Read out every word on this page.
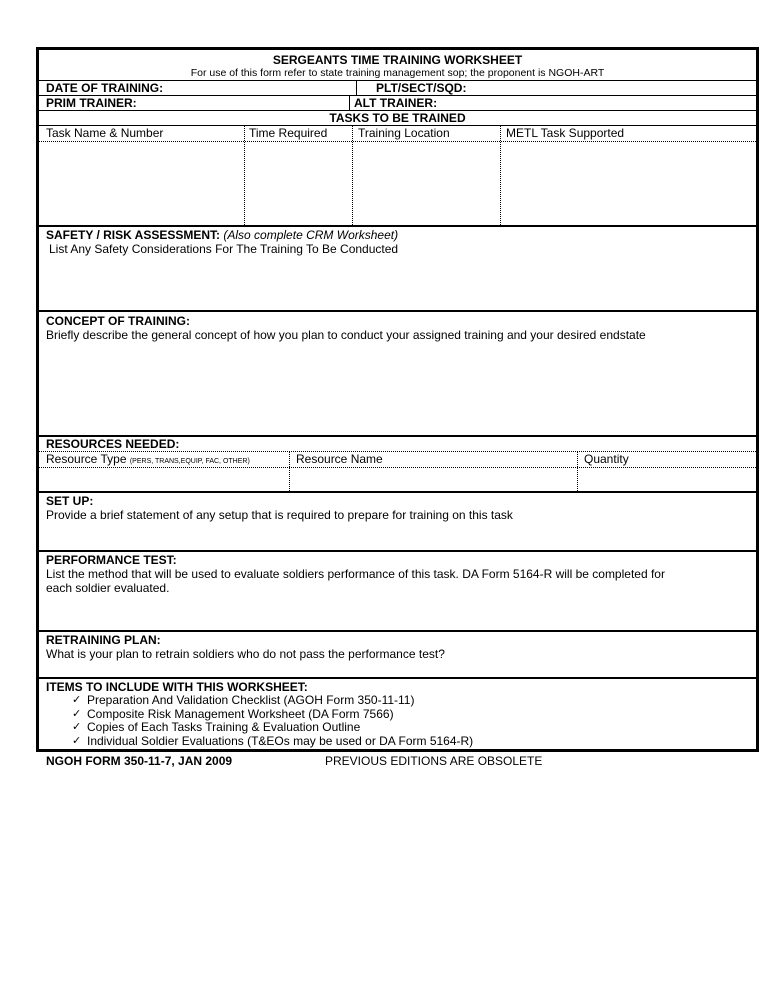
SERGEANTS TIME TRAINING WORKSHEET
For use of this form refer to state training management sop; the proponent is NGOH-ART
DATE OF TRAINING:	PLT/SECT/SQD:
PRIM TRAINER:	ALT TRAINER:
TASKS TO BE TRAINED
Task Name & Number	Time Required	Training Location	METL Task Supported
SAFETY / RISK ASSESSMENT: (Also complete CRM Worksheet)
List Any Safety Considerations For The Training To Be Conducted
CONCEPT OF TRAINING:
Briefly describe the general concept of how you plan to conduct your assigned training and your desired endstate
RESOURCES NEEDED:
Resource Type (PERS, TRANS,EQUIP, FAC, OTHER)	Resource Name	Quantity
SET UP:
Provide a brief statement of any setup that is required to prepare for training on this task
PERFORMANCE TEST:
List the method that will be used to evaluate soldiers performance of this task. DA Form 5164-R will be completed for
each soldier evaluated.
RETRAINING PLAN:
What is your plan to retrain soldiers who do not pass the performance test?
ITEMS TO INCLUDE WITH THIS WORKSHEET:
✓ Preparation And Validation Checklist (AGOH Form 350-11-11)
✓ Composite Risk Management Worksheet (DA Form 7566)
✓ Copies of Each Tasks Training & Evaluation Outline
✓ Individual Soldier Evaluations (T&EOs may be used or DA Form 5164-R)
NGOH FORM 350-11-7, JAN 2009	PREVIOUS EDITIONS ARE OBSOLETE
